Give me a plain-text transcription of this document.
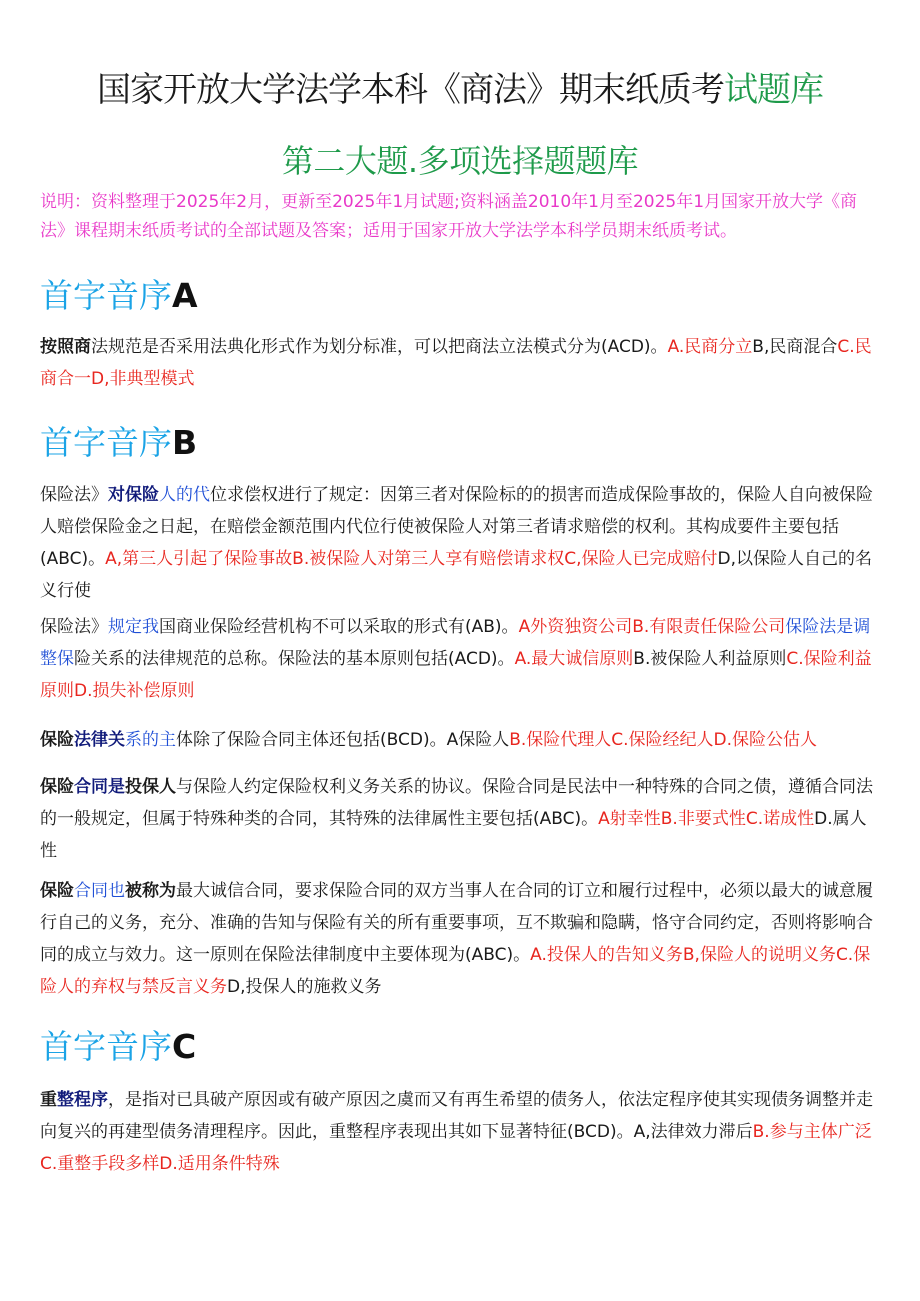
国家开放大学法学本科《商法》期末纸质考试题库
第二大题.多项选择题题库
说明：资料整理于2025年2月，更新至2025年1月试题;资料涵盖2010年1月至2025年1月国家开放大学《商法》课程期末纸质考试的全部试题及答案；适用于国家开放大学法学本科学员期末纸质考试。
首字音序A
按照商法规范是否采用法典化形式作为划分标准，可以把商法立法模式分为(ACD)。A.民商分立B,民商混合C.民商合一D,非典型模式
首字音序B
保险法》对保险人的代位求偿权进行了规定：因第三者对保险标的的损害而造成保险事故的，保险人自向被保险人赔偿保险金之日起，在赔偿金额范围内代位行使被保险人对第三者请求赔偿的权利。其构成要件主要包括(ABC)。A,第三人引起了保险事故B.被保险人对第三人享有赔偿请求权C,保险人已完成赔付D,以保险人自己的名义行使
保险法》规定我国商业保险经营机构不可以采取的形式有(AB)。A外资独资公司B.有限责任保险公司保险法是调整保险关系的法律规范的总称。保险法的基本原则包括(ACD)。A.最大诚信原则B.被保险人利益原则C.保险利益原则D.损失补偿原则
保险法律关系的主体除了保险合同主体还包括(BCD)。A保险人B.保险代理人C.保险经纪人D.保险公估人
保险合同是投保人与保险人约定保险权利义务关系的协议。保险合同是民法中一种特殊的合同之债，遵循合同法的一般规定，但属于特殊种类的合同，其特殊的法律属性主要包括(ABC)。A射幸性B.非要式性C.诺成性D.属人性
保险合同也被称为最大诚信合同，要求保险合同的双方当事人在合同的订立和履行过程中，必须以最大的诚意履行自己的义务，充分、准确的告知与保险有关的所有重要事项，互不欺骗和隐瞒，恪守合同约定，否则将影响合同的成立与效力。这一原则在保险法律制度中主要体现为(ABC)。A.投保人的告知义务B,保险人的说明义务C.保险人的弃权与禁反言义务D,投保人的施救义务
首字音序C
重整程序，是指对已具破产原因或有破产原因之虞而又有再生希望的债务人，依法定程序使其实现债务调整并走向复兴的再建型债务清理程序。因此，重整程序表现出其如下显著特征(BCD)。A,法律效力滞后B.参与主体广泛C.重整手段多样D.适用条件特殊
